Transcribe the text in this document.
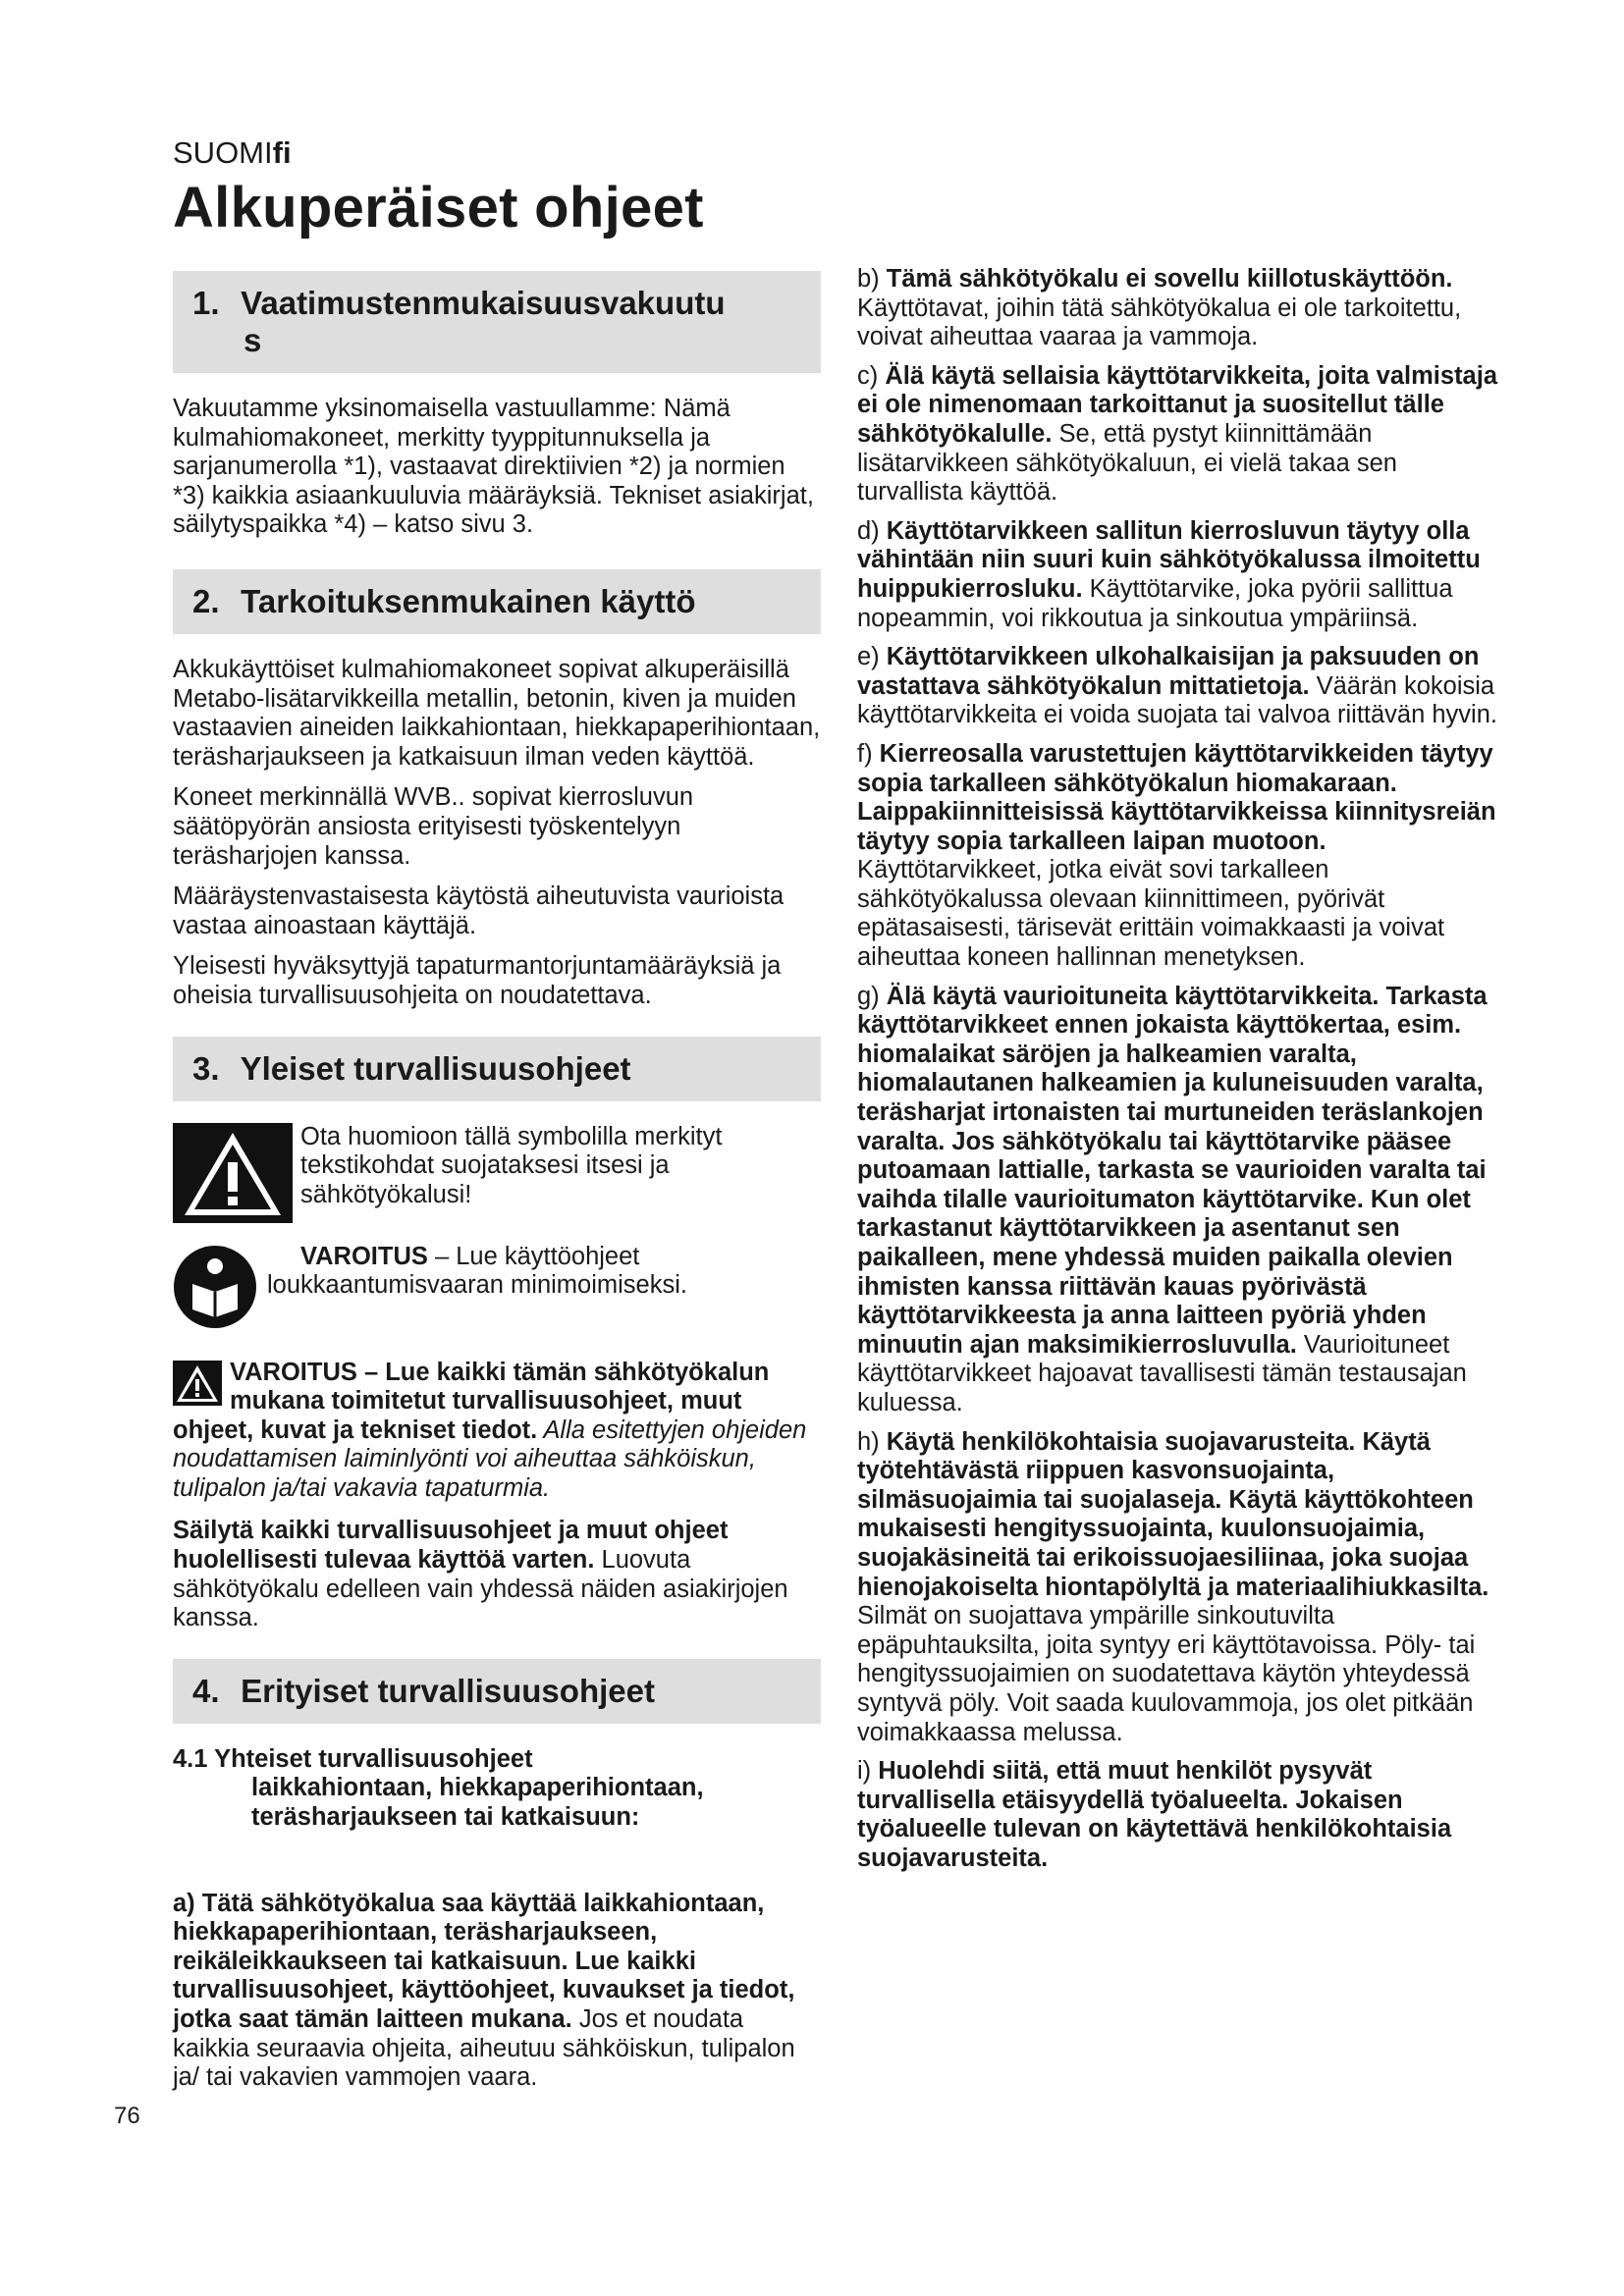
SUOMIfi
Alkuperäiset ohjeet
1. Vaatimustenmukaisuusvakuutu
s

Vakuutamme yksinomaisella vastuullamme: Nämä kulmahiomakoneet, merkitty tyyppitunnuksella ja sarjanumerolla *1), vastaavat direktiivien *2) ja normien *3) kaikkia asiaankuuluvia määräyksiä. Tekniset asiakirjat, säilytyspaikka *4) – katso sivu 3.

2. Tarkoituksenmukainen käyttö

Akkukäyttöiset kulmahiomakoneet sopivat alkuperäisillä Metabo-lisätarvikkeilla metallin, betonin, kiven ja muiden vastaavien aineiden laikkahiontaan, hiekkapaperihiontaan, teräsharjaukseen ja katkaisuun ilman veden käyttöä.

Koneet merkinnällä WVB.. sopivat kierrosluvun säätöpyörän ansiosta erityisesti työskentelyyn teräsharjojen kanssa.

Määräystenvastaisesta käytöstä aiheutuvista vaurioista vastaa ainoastaan käyttäjä.

Yleisesti hyväksyttyjä tapaturmantorjuntamääräyksiä ja oheisia turvallisuusohjeita on noudatettava.

3. Yleiset turvallisuusohjeet
Ota huomioon tällä symbolilla merkityt tekstikohdat suojataksesi itsesi ja sähkötyökalusi!
VAROITUS – Lue käyttöohjeet
loukkaantumisvaaran minimoimiseksi.

VAROITUS – Lue kaikki tämän sähkötyökalun mukana toimitetut turvallisuusohjeet, muut ohjeet, kuvat ja tekniset tiedot. Alla esitettyjen ohjeiden noudattamisen laiminlyönti voi aiheuttaa sähköiskun, tulipalon ja/tai vakavia tapaturmia.

Säilytä kaikki turvallisuusohjeet ja muut ohjeet huolellisesti tulevaa käyttöä varten. Luovuta sähkötyökalu edelleen vain yhdessä näiden asiakirjojen kanssa.

4. Erityiset turvallisuusohjeet
4.1 Yhteiset turvallisuusohjeet
laikkahiontaan, hiekkapaperihiontaan, teräsharjaukseen tai katkaisuun:

a) Tätä sähkötyökalua saa käyttää laikkahiontaan, hiekkapaperihiontaan, teräsharjaukseen, reikäleikkaukseen tai katkaisuun. Lue kaikki turvallisuusohjeet, käyttöohjeet, kuvaukset ja tiedot, jotka saat tämän laitteen mukana. Jos et noudata kaikkia seuraavia ohjeita, aiheutuu sähköiskun, tulipalon ja/ tai vakavien vammojen vaara.

b) Tämä sähkötyökalu ei sovellu kiillotuskäyttöön. Käyttötavat, joihin tätä sähkötyökalua ei ole tarkoitettu, voivat aiheuttaa vaaraa ja vammoja.

c) Älä käytä sellaisia käyttötarvikkeita, joita valmistaja ei ole nimenomaan tarkoittanut ja suositellut tälle sähkötyökalulle. Se, että pystyt kiinnittämään lisätarvikkeen sähkötyökaluun, ei vielä takaa sen turvallista käyttöä.

d) Käyttötarvikkeen sallitun kierrosluvun täytyy olla vähintään niin suuri kuin sähkötyökalussa ilmoitettu huippukierrosluku. Käyttötarvike, joka pyörii sallittua nopeammin, voi rikkoutua ja sinkoutua ympäriinsä.

e) Käyttötarvikkeen ulkohalkaisijan ja paksuuden on vastattava sähkötyökalun mittatietoja. Väärän kokoisia käyttötarvikkeita ei voida suojata tai valvoa riittävän hyvin.

f) Kierreosalla varustettujen käyttötarvikkeiden täytyy sopia tarkalleen sähkötyökalun hiomakaraan. Laippakiinnitteisissä käyttötarvikkeissa kiinnitysreiän täytyy sopia tarkalleen laipan muotoon. Käyttötarvikkeet, jotka eivät sovi tarkalleen sähkötyökalussa olevaan kiinnittimeen, pyörivät epätasaisesti, tärisevät erittäin voimakkaasti ja voivat aiheuttaa koneen hallinnan menetyksen.

g) Älä käytä vaurioituneita käyttötarvikkeita. Tarkasta käyttötarvikkeet ennen jokaista käyttökertaa, esim. hiomalaikat säröjen ja halkeamien varalta, hiomalautanen halkeamien ja kuluneisuuden varalta, teräsharjat irtonaisten tai murtuneiden teräslankojen varalta. Jos sähkötyökalu tai käyttötarvike pääsee putoamaan lattialle, tarkasta se vaurioiden varalta tai vaihda tilalle vaurioitumaton käyttötarvike. Kun olet tarkastanut käyttötarvikkeen ja asentanut sen paikalleen, mene yhdessä muiden paikalla olevien ihmisten kanssa riittävän kauas pyörivästä käyttötarvikkeesta ja anna laitteen pyöriä yhden minuutin ajan maksimikierrosluvulla. Vaurioituneet käyttötarvikkeet hajoavat tavallisesti tämän testausajan kuluessa.

h) Käytä henkilökohtaisia suojavarusteita. Käytä työtehtävästä riippuen kasvonsuojainta, silmäsuojaimia tai suojalaseja. Käytä käyttökohteen mukaisesti hengityssuojainta, kuulonsuojaimia, suojakäsineitä tai erikoissuojaesiliinaa, joka suojaa hienojakoiselta hiontapölyltä ja materiaalihiukkasilta. Silmät on suojattava ympärille sinkoutuvilta epäpuhtauksilta, joita syntyy eri käyttötavoissa. Pöly- tai hengityssuojaimien on suodatettava käytön yhteydessä syntyvä pöly. Voit saada kuulovammoja, jos olet pitkään voimakkaassa melussa.

i) Huolehdi siitä, että muut henkilöt pysyvät turvallisella etäisyydellä työalueelta. Jokaisen työalueelle tulevan on käytettävä henkilökohtaisia suojavarusteita.

76
